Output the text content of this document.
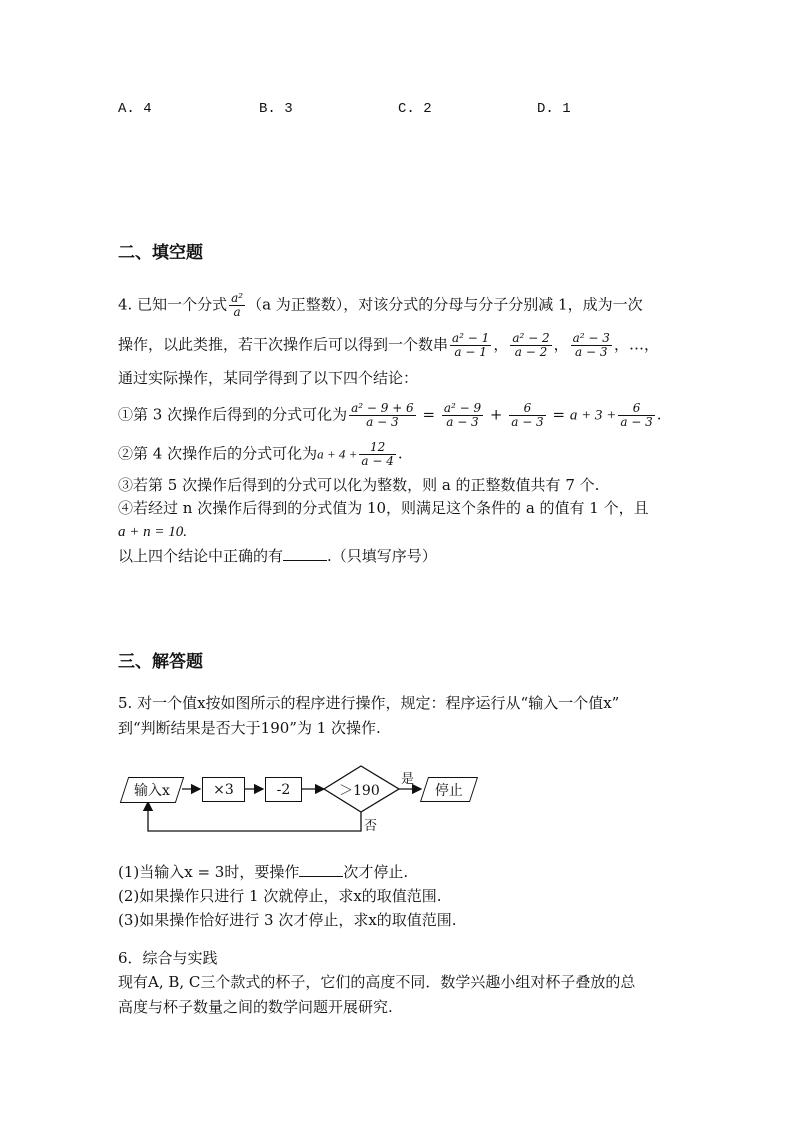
A. 4	B. 3	C. 2	D. 1
二、填空题
4. 已知一个分式 $\frac{\text{a²}}{a} (a$ 为正整数），对该分式的分母与分子分别减 1，成为一次
操作，以此类推，若干次操作后可以得到一个数串 $\frac{\text{a² − 1}}{a - 1}$ ， $\frac{\text{a² − 2}}{a - 2}$ ， $\frac{\text{a² − 3}}{a - 3}$ ，…，
通过实际操作，某同学得到了以下四个结论：
①第 3 次操作后得到的分式可化为 $\frac{\text{a² − 9 + 6}}{a - 3} = \frac{\text{a² − 9}}{a - 3} + \frac{6}{a - 3} = a + 3 + \frac{6}{a - 3}$ .
②第 4 次操作后的分式可化为$a + 4 + \frac{12}{a - 4}$ .
③若第 5 次操作后得到的分式可以化为整数，则 a 的正整数值共有 7 个.
④若经过 n 次操作后得到的分式值为 10，则满足这个条件的 a 的值有 1 个，且
a + n = 10.
以上四个结论中正确的有	.（只填写序号）
三、解答题
5. 对一个值x按如图所示的程序进行操作，规定：程序运行从“输入一个值x”
到“判断结果是否大于190”为 1 次操作.
输入x	×3	-2	＞190	停止
是
否
(1)当输入x = 3时，要操作	次才停止.
(2)如果操作只进行 1 次就停止，求x的取值范围.
(3)如果操作恰好进行 3 次才停止，求x的取值范围.
6．综合与实践
现有A, B, C三个款式的杯子，它们的高度不同．数学兴趣小组对杯子叠放的总
高度与杯子数量之间的数学问题开展研究.
